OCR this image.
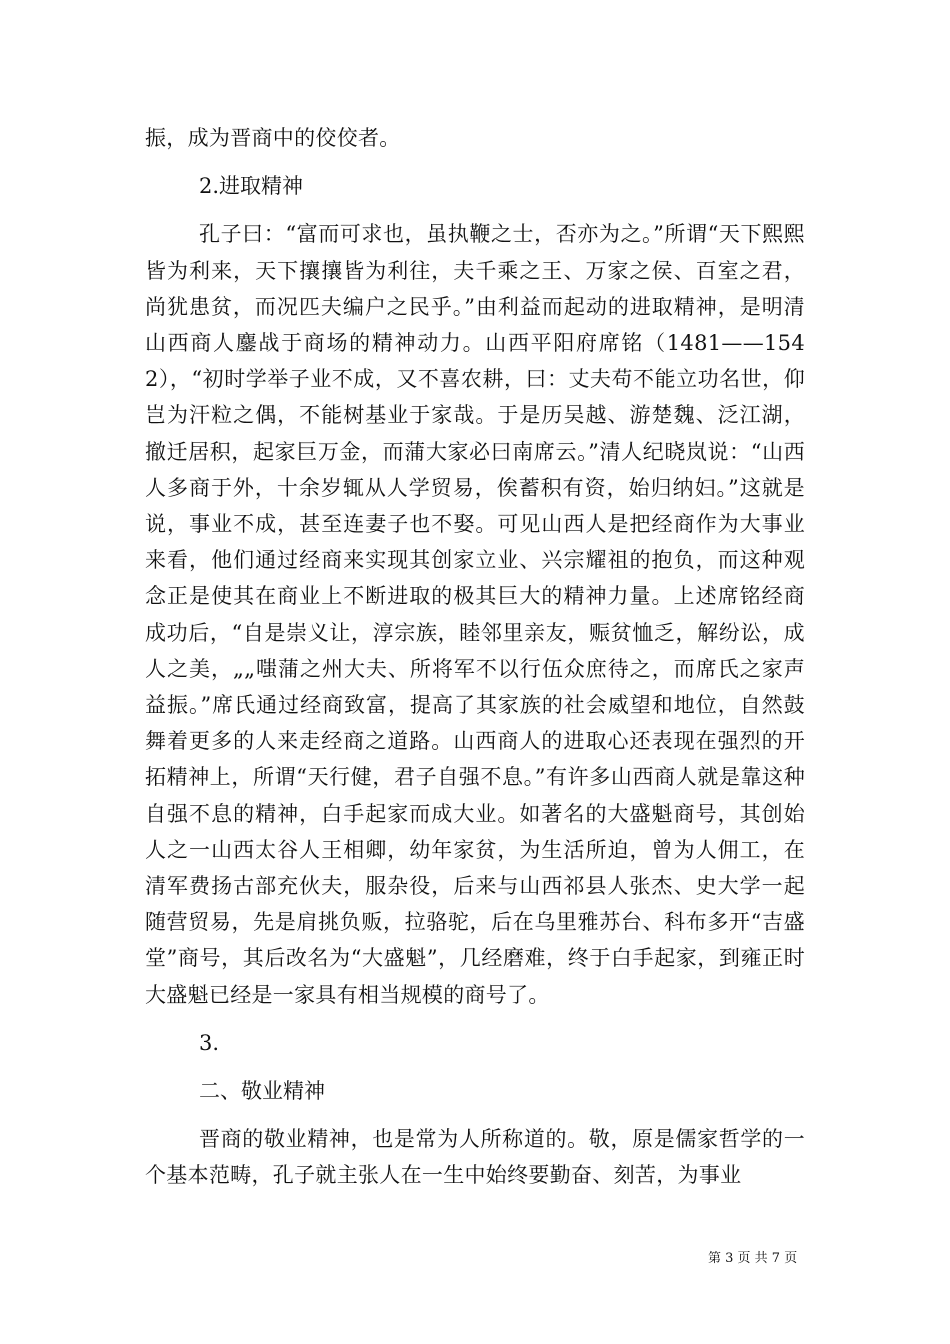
振，成为晋商中的佼佼者。

2.进取精神

孔子曰：“富而可求也，虽执鞭之士，否亦为之。”所谓“天下熙熙皆为利来，天下攘攘皆为利往，夫千乘之王、万家之侯、百室之君，尚犹患贫，而况匹夫编户之民乎。”由利益而起动的进取精神，是明清山西商人鏖战于商场的精神动力。山西平阳府席铭（1481——1542），“初时学举子业不成，又不喜农耕，曰：丈夫苟不能立功名世，仰岂为汗粒之偶，不能树基业于家哉。于是历吴越、游楚魏、泛江湖，撤迁居积，起家巨万金，而蒲大家必曰南席云。”清人纪晓岚说：“山西人多商于外，十余岁辄从人学贸易，俟蓄积有资，始归纳妇。”这就是说，事业不成，甚至连妻子也不娶。可见山西人是把经商作为大事业来看，他们通过经商来实现其创家立业、兴宗耀祖的抱负，而这种观念正是使其在商业上不断进取的极其巨大的精神力量。上述席铭经商成功后，“自是崇义让，淳宗族，睦邻里亲友，赈贫恤乏，解纷讼，成人之美，„„嗤蒲之州大夫、所将军不以行伍众庶待之，而席氏之家声益振。”席氏通过经商致富，提高了其家族的社会威望和地位，自然鼓舞着更多的人来走经商之道路。山西商人的进取心还表现在强烈的开拓精神上，所谓“天行健，君子自强不息。”有许多山西商人就是靠这种自强不息的精神，白手起家而成大业。如著名的大盛魁商号，其创始人之一山西太谷人王相卿，幼年家贫，为生活所迫，曾为人佣工，在清军费扬古部充伙夫，服杂役，后来与山西祁县人张杰、史大学一起随营贸易，先是肩挑负贩，拉骆驼，后在乌里雅苏台、科布多开“吉盛堂”商号，其后改名为“大盛魁”，几经磨难，终于白手起家，到雍正时大盛魁已经是一家具有相当规模的商号了。

3.

二、敬业精神

晋商的敬业精神，也是常为人所称道的。敬，原是儒家哲学的一个基本范畴，孔子就主张人在一生中始终要勤奋、刻苦，为事业

第 3 页 共 7 页
